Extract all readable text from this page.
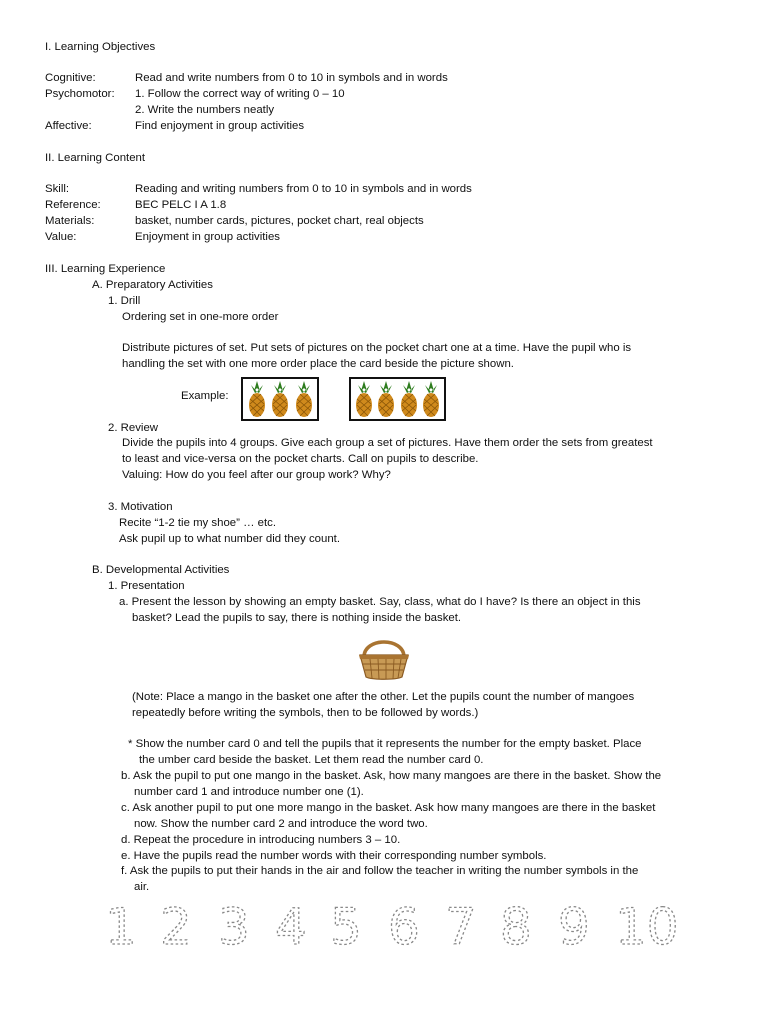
I. Learning Objectives
Cognitive:	Read and write numbers from 0 to 10 in symbols and in words
Psychomotor: 1. Follow the correct way of writing 0 – 10
2. Write the numbers neatly
Affective:	Find enjoyment in group activities
II. Learning Content
Skill:	Reading and writing numbers from 0 to 10 in symbols and in words
Reference:	BEC PELC I A 1.8
Materials:	basket, number cards, pictures, pocket chart, real objects
Value:	Enjoyment in group activities
III. Learning Experience
A. Preparatory Activities
1. Drill
Ordering set in one-more order
Distribute pictures of set. Put sets of pictures on the pocket chart one at a time. Have the pupil who is
handling the set with one more order place the card beside the picture shown.
Example:
2. Review
Divide the pupils into 4 groups. Give each group a set of pictures. Have them order the sets from greatest
to least and vice-versa on the pocket charts. Call on pupils to describe.
Valuing: How do you feel after our group work? Why?
3. Motivation
Recite “1-2 tie my shoe” … etc.
Ask pupil up to what number did they count.
B. Developmental Activities
1. Presentation
a. Present the lesson by showing an empty basket. Say, class, what do I have? Is there an object in this
basket? Lead the pupils to say, there is nothing inside the basket.
(Note: Place a mango in the basket one after the other. Let the pupils count the number of mangoes
repeatedly before writing the symbols, then to be followed by words.)
* Show the number card 0 and tell the pupils that it represents the number for the empty basket. Place
the umber card beside the basket. Let them read the number card 0.
b. Ask the pupil to put one mango in the basket. Ask, how many mangoes are there in the basket. Show the
number card 1 and introduce number one (1).
c. Ask another pupil to put one more mango in the basket. Ask how many mangoes are there in the basket
now. Show the number card 2 and introduce the word two.
d. Repeat the procedure in introducing numbers 3 – 10.
e. Have the pupils read the number words with their corresponding number symbols.
f. Ask the pupils to put their hands in the air and follow the teacher in writing the number symbols in the
air.
1 2 3 4 5 6 7 8 9 10
